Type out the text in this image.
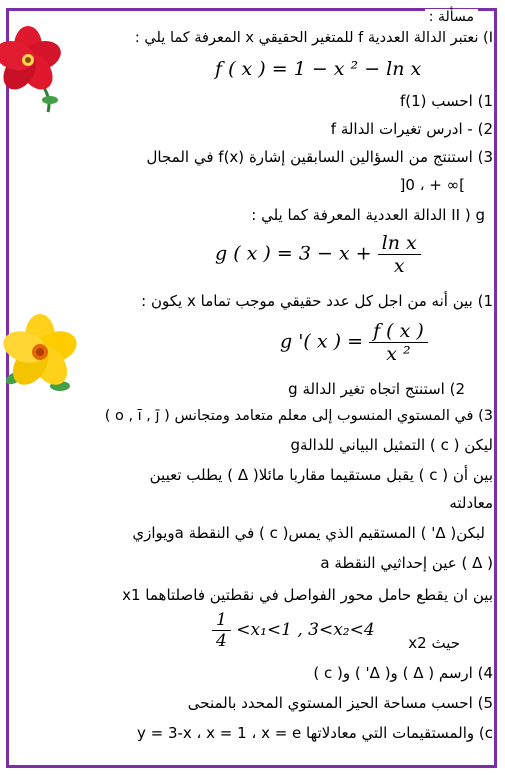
مسألة :
I) نعتبر الدالة العددية f للمتغير الحقيقي x المعرفة كما يلي :
f ( x ) = 1 − x ² − ln x
1) احسب f(1)
2) - ادرس تغيرات الدالة f
3) استنتج من السؤالين السابقين إشارة f(x) في المجال
]0 ، + ∞[
II ) g الدالة العددية المعرفة كما يلي :
g ( x ) = $3 - x + \frac{\text{ln x}}{x}$
1) بين أنه من اجل كل عدد حقيقي موجب تماما x يكون :
g '( x ) = $\frac{f ( x )}{\text{x ²}}$
2) استنتج اتجاه تغير الدالة g
3) في المستوي المنسوب إلى معلم متعامد ومتجانس ( o , ī , j̄ )
ليكن ( c ) التمثيل البياني للدالةg
بين أن ( c ) يقبل مستقيما مقاربا مائلا( Δ ) يطلب تعيين
معادلته
لبكن( Δ' ) المستقيم الذي يمس( c ) في النقطة aويوازي
( Δ ) عين إحداثيي النقطة a
بين ان يقطع حامل محور الفواصل في نقطتين فاصلتاهما x1
$\frac{1}{4} <x_1<1$ , 3<x₂<4
حيث x2
4) ارسم ( Δ ) و( Δ' ) و( c )
5) احسب مساحة الحيز المستوي المحدد بالمنحى
c) والمستقيمات التي معادلاتها y = 3-x ، x = 1 ، x = e
